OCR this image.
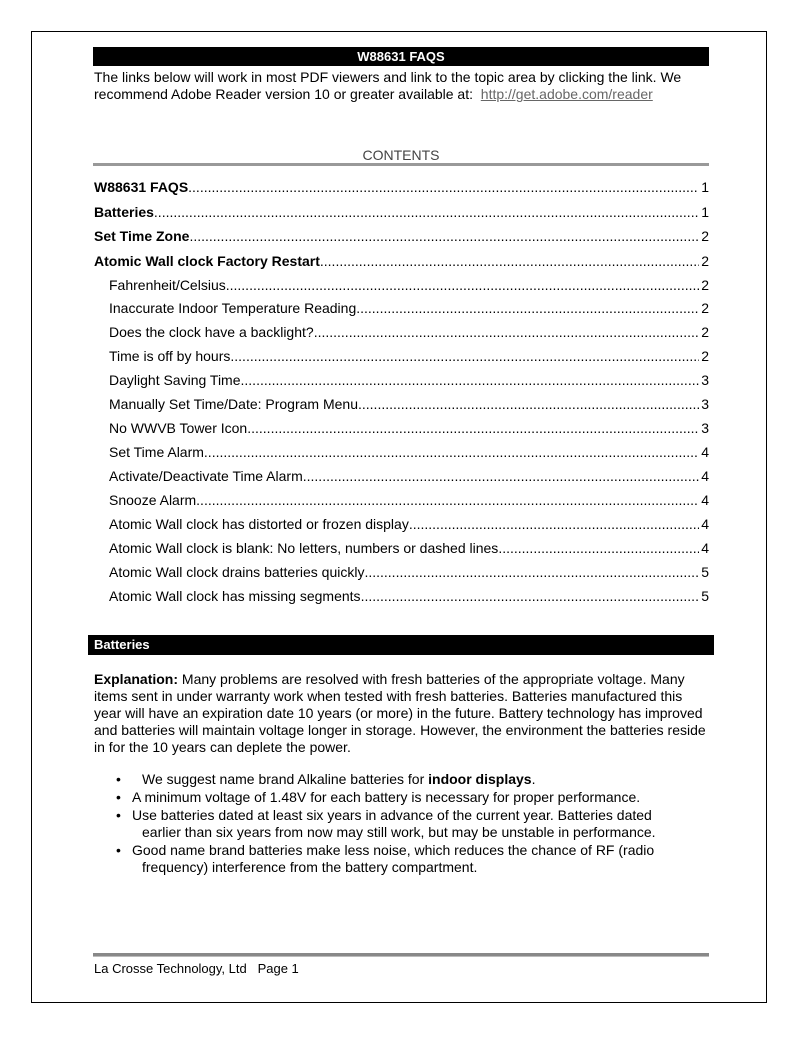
W88631 FAQS
The links below will work in most PDF viewers and link to the topic area by clicking the link. We recommend Adobe Reader version 10 or greater available at: http://get.adobe.com/reader
CONTENTS
W88631 FAQS .....	1
Batteries .....	1
Set Time Zone .....	2
Atomic Wall clock Factory Restart .....	2
Fahrenheit/Celsius .....	2
Inaccurate Indoor Temperature Reading .....	2
Does the clock have a backlight? .....	2
Time is off by hours .....	2
Daylight Saving Time .....	3
Manually Set Time/Date: Program Menu .....	3
No WWVB Tower Icon .....	3
Set Time Alarm .....	4
Activate/Deactivate Time Alarm .....	4
Snooze Alarm .....	4
Atomic Wall clock has distorted or frozen display .....	4
Atomic Wall clock is blank: No letters, numbers or dashed lines .....	4
Atomic Wall clock drains batteries quickly .....	5
Atomic Wall clock has missing segments .....	5
Batteries
Explanation: Many problems are resolved with fresh batteries of the appropriate voltage. Many items sent in under warranty work when tested with fresh batteries. Batteries manufactured this year will have an expiration date 10 years (or more) in the future. Battery technology has improved and batteries will maintain voltage longer in storage. However, the environment the batteries reside in for the 10 years can deplete the power.
• We suggest name brand Alkaline batteries for indoor displays.
• A minimum voltage of 1.48V for each battery is necessary for proper performance.
• Use batteries dated at least six years in advance of the current year. Batteries dated
earlier than six years from now may still work, but may be unstable in performance.
• Good name brand batteries make less noise, which reduces the chance of RF (radio
frequency) interference from the battery compartment.
La Crosse Technology, Ltd Page 1
